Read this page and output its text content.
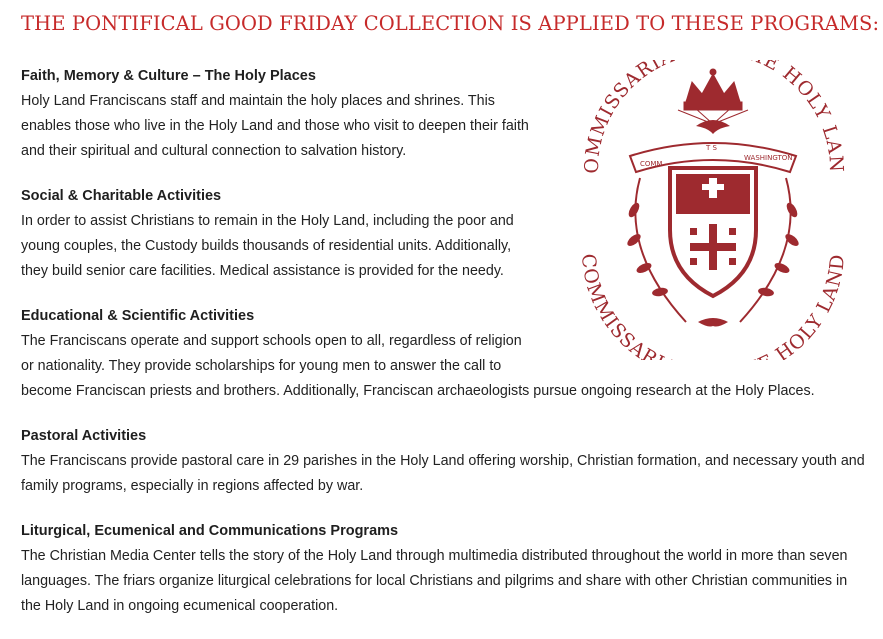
THE PONTIFICAL GOOD FRIDAY COLLECTION IS APPLIED TO THESE PROGRAMS:
OMMISSARI E HOLY LAN
COMMISSAR HOLY LAND
COMM
T S
WASHINGTON
Faith, Memory & Culture – The Holy Places

Holy Land Franciscans staff and maintain the holy places and shrines. This enables those who live in the Holy Land and those who visit to deepen their faith and their spiritual and cultural connection to salvation history.

Social & Charitable Activities

In order to assist Christians to remain in the Holy Land, including the poor and young couples, the Custody builds thousands of residential units. Additionally, they build senior care facilities. Medical assistance is provided for the needy.

Educational & Scientific Activities

The Franciscans operate and support schools open to all, regardless of religion
or nationality. They provide scholarships for young men to answer the call to
become Franciscan priests and brothers. Additionally, Franciscan archaeologists pursue ongoing research at the Holy Places.

Pastoral Activities

The Franciscans provide pastoral care in 29 parishes in the Holy Land offering worship, Christian formation, and necessary youth and family programs, especially in regions affected by war.

Liturgical, Ecumenical and Communications Programs

The Christian Media Center tells the story of the Holy Land through multimedia distributed throughout the world in more than seven languages. The friars organize liturgical celebrations for local Christians and pilgrims and share with other Christian communities in the Holy Land in ongoing ecumenical cooperation.
